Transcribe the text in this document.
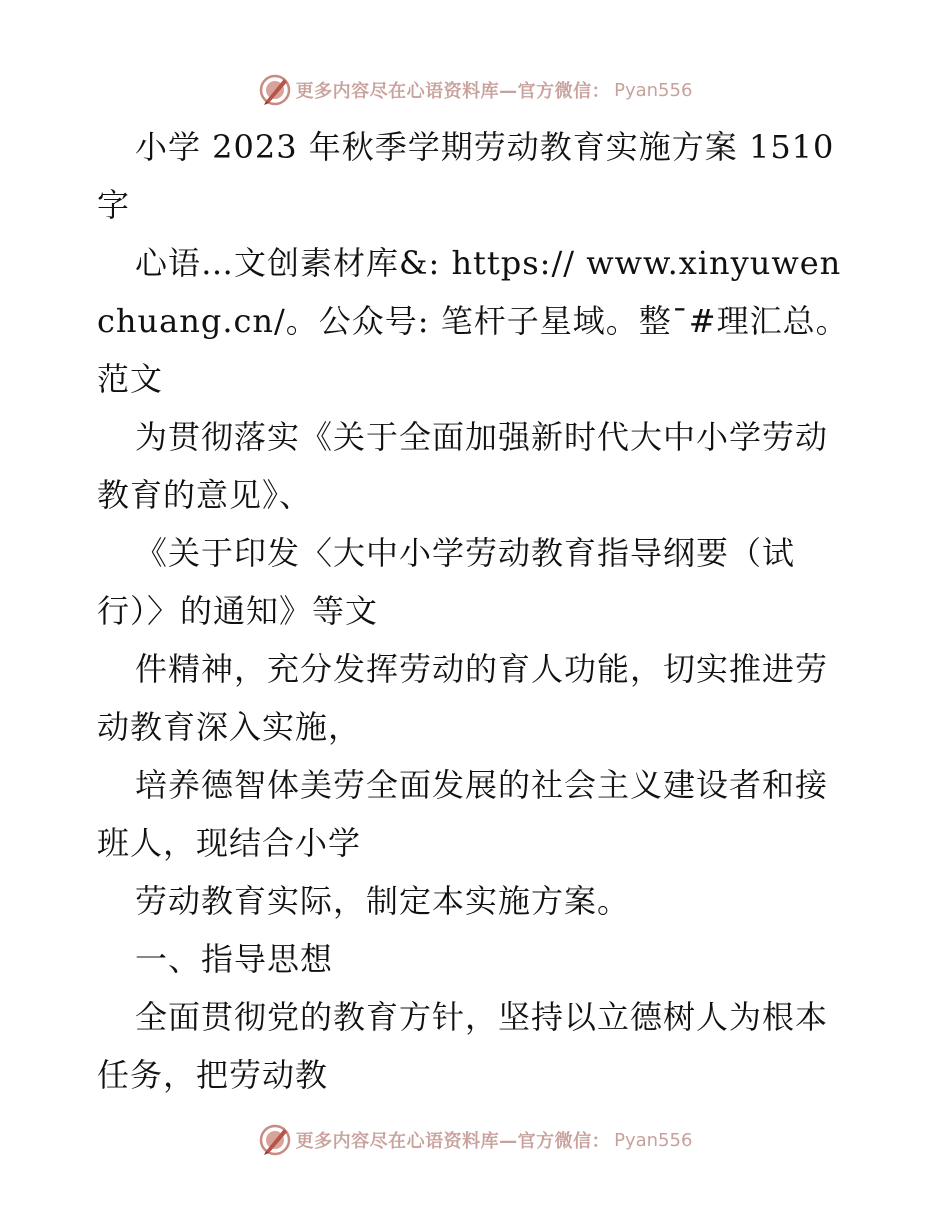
更多内容尽在心语资料库—官方微信： Pyan556

小学 2023 年秋季学期劳动教育实施方案 1510 字

心语…文创素材库&: https:// www.xinyuwenchuang.cn/。公众号: 笔杆子星域。整¯#理汇总。范文

为贯彻落实《关于全面加强新时代大中小学劳动教育的意见》、

《关于印发〈大中小学劳动教育指导纲要（试行）〉的通知》等文

件精神，充分发挥劳动的育人功能，切实推进劳动教育深入实施，

培养德智体美劳全面发展的社会主义建设者和接班人，现结合小学

劳动教育实际，制定本实施方案。

一、指导思想

全面贯彻党的教育方针，坚持以立德树人为根本任务，把劳动教

更多内容尽在心语资料库—官方微信： Pyan556
